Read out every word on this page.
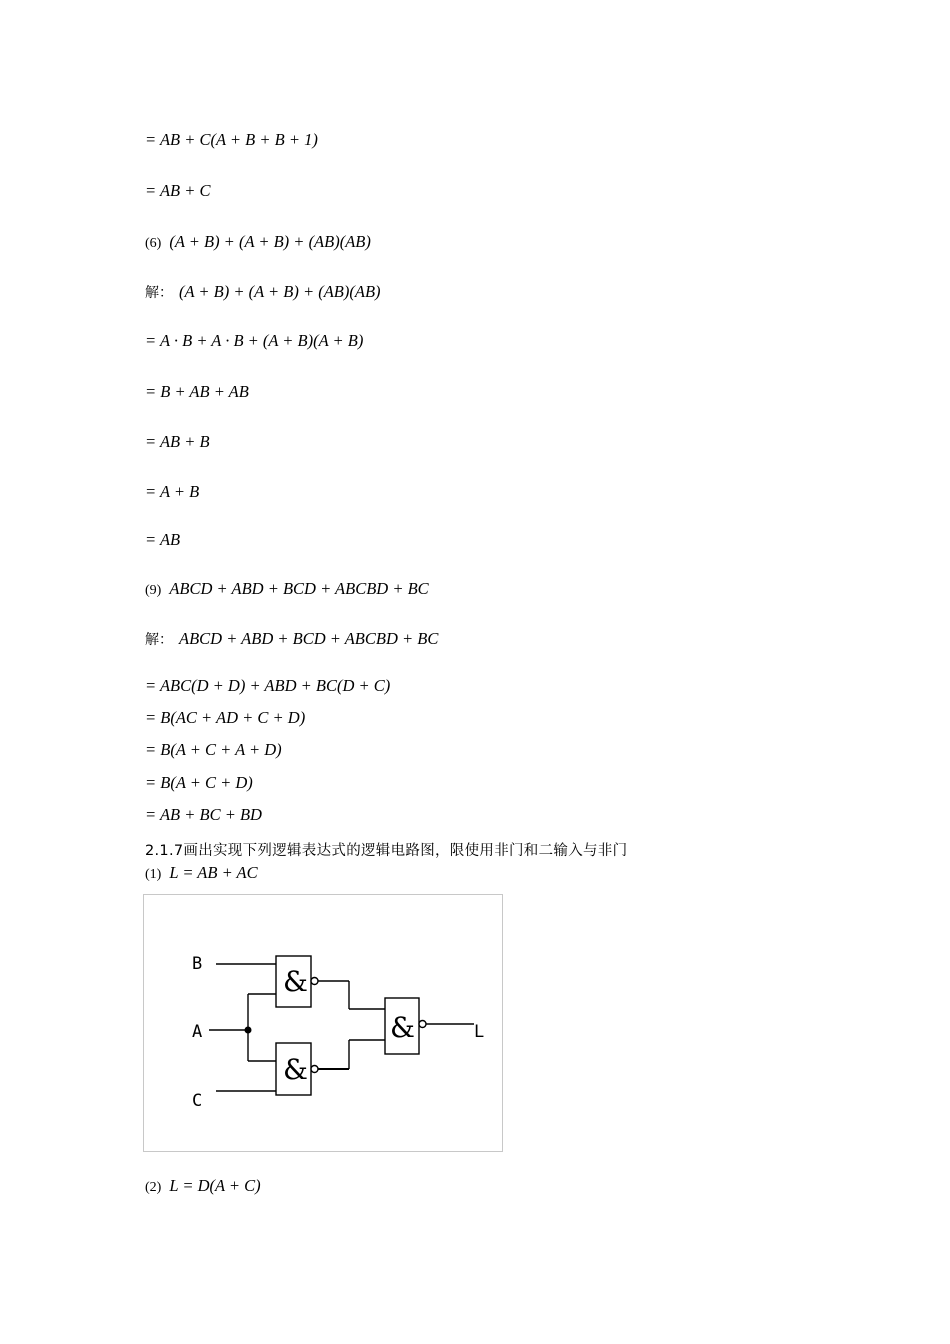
= AB + C(A + B + B + 1)
= AB + C
(6) (A + B) + (A + B) + (AB)(AB)
解： (A + B) + (A + B) + (AB)(AB)
= A · B + A · B + (A + B)(A + B)
= B + AB + AB
= AB + B
= A + B
= AB
(9) ABCD + ABD + BCD + ABCBD + BC
解： ABCD + ABD + BCD + ABCBD + BC
= ABC(D + D) + ABD + BC(D + C)
= B(AC + AD + C + D)
= B(A + C + A + D)
= B(A + C + D)
= AB + BC + BD
2.1.7画出实现下列逻辑表达式的逻辑电路图，限使用非门和二输入与非门
(1) L = AB + AC
&
&
&
B
A
C
L
(2) L = D(A + C)
